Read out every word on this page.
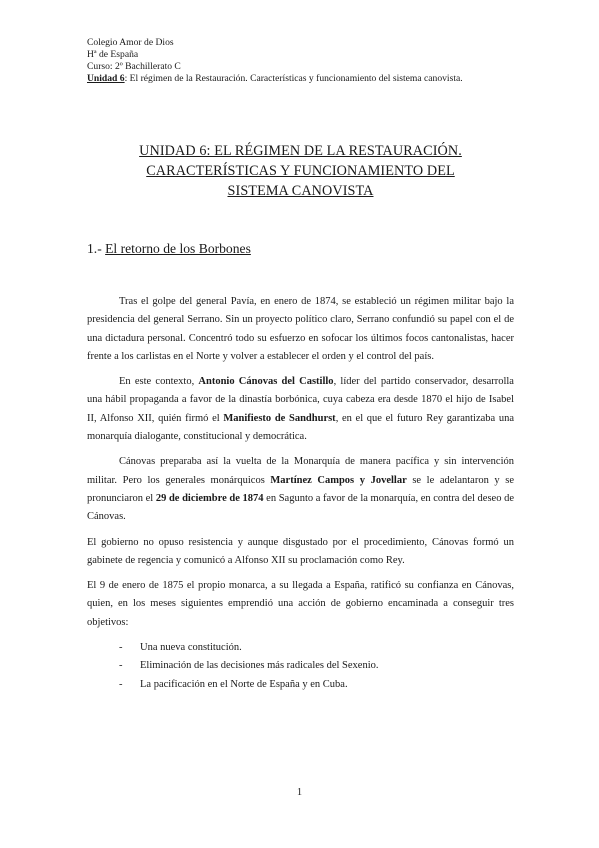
Colegio Amor de Dios
Hª de España
Curso: 2º Bachillerato C
Unidad 6: El régimen de la Restauración. Características y funcionamiento del sistema canovista.
UNIDAD 6: EL RÉGIMEN DE LA RESTAURACIÓN.
CARACTERÍSTICAS Y FUNCIONAMIENTO DEL
SISTEMA CANOVISTA
1.- El retorno de los Borbones

Tras el golpe del general Pavía, en enero de 1874, se estableció un régimen militar bajo la presidencia del general Serrano. Sin un proyecto político claro, Serrano confundió su papel con el de una dictadura personal. Concentró todo su esfuerzo en sofocar los últimos focos cantonalistas, hacer frente a los carlistas en el Norte y volver a establecer el orden y el control del país.

En este contexto, Antonio Cánovas del Castillo, líder del partido conservador, desarrolla una hábil propaganda a favor de la dinastía borbónica, cuya cabeza era desde 1870 el hijo de Isabel II, Alfonso XII, quién firmó el Manifiesto de Sandhurst, en el que el futuro Rey garantizaba una monarquía dialogante, constitucional y democrática.

Cánovas preparaba así la vuelta de la Monarquía de manera pacífica y sin intervención militar. Pero los generales monárquicos Martínez Campos y Jovellar se le adelantaron y se pronunciaron el 29 de diciembre de 1874 en Sagunto a favor de la monarquía, en contra del deseo de Cánovas.

El gobierno no opuso resistencia y aunque disgustado por el procedimiento, Cánovas formó un gabinete de regencia y comunicó a Alfonso XII su proclamación como Rey.

El 9 de enero de 1875 el propio monarca, a su llegada a España, ratificó su confianza en Cánovas, quien, en los meses siguientes emprendió una acción de gobierno encaminada a conseguir tres objetivos:

- Una nueva constitución.
- Eliminación de las decisiones más radicales del Sexenio.
- La pacificación en el Norte de España y en Cuba.
1
